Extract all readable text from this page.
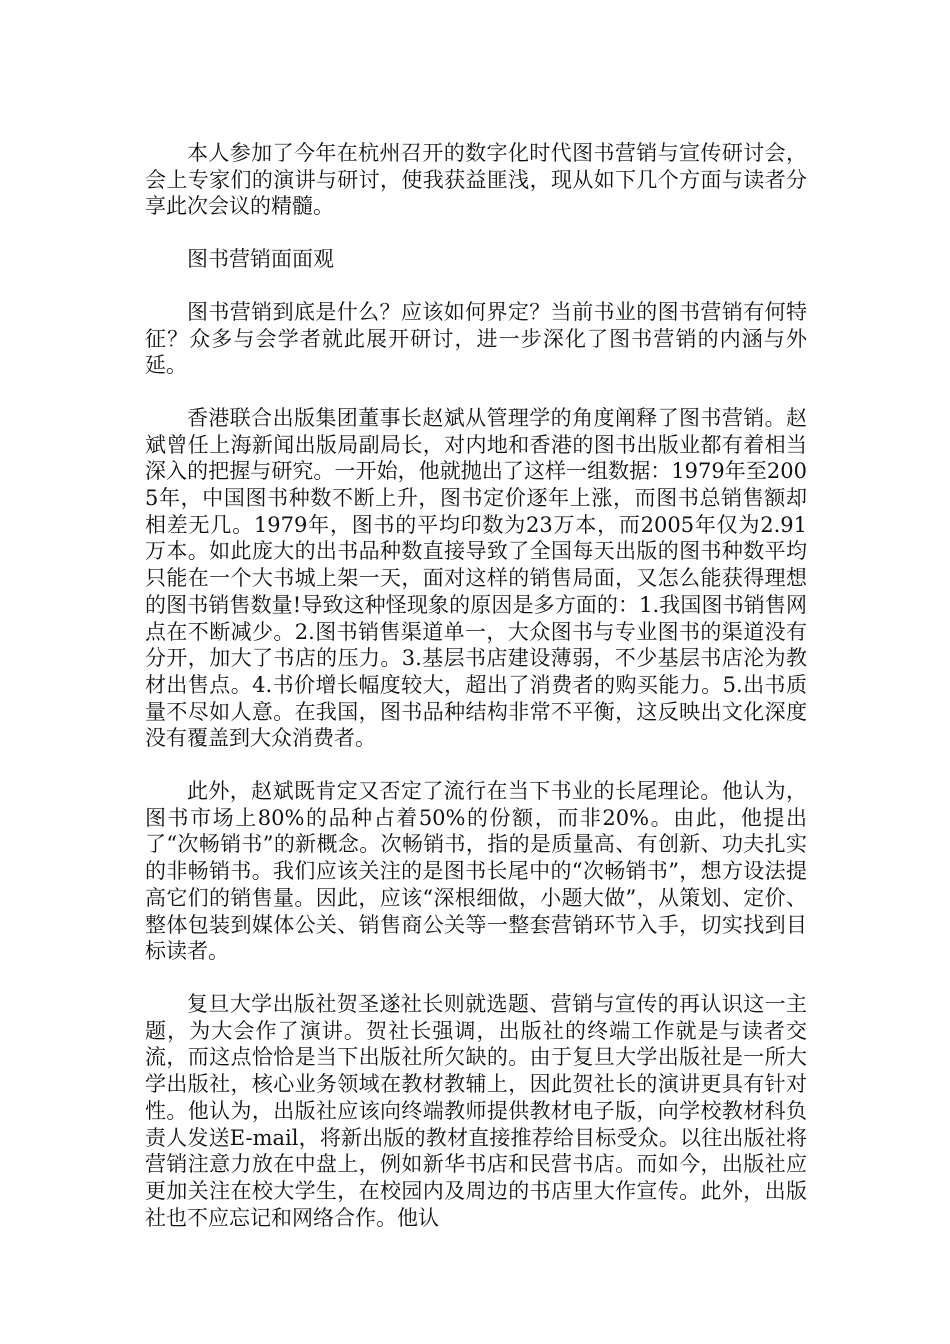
本人参加了今年在杭州召开的数字化时代图书营销与宣传研讨会，会上专家们的演讲与研讨，使我获益匪浅，现从如下几个方面与读者分享此次会议的精髓。

图书营销面面观

图书营销到底是什么？应该如何界定？当前书业的图书营销有何特征？众多与会学者就此展开研讨，进一步深化了图书营销的内涵与外延。

香港联合出版集团董事长赵斌从管理学的角度阐释了图书营销。赵斌曾任上海新闻出版局副局长，对内地和香港的图书出版业都有着相当深入的把握与研究。一开始，他就抛出了这样一组数据：1979年至2005年，中国图书种数不断上升，图书定价逐年上涨，而图书总销售额却相差无几。1979年，图书的平均印数为23万本，而2005年仅为2.91万本。如此庞大的出书品种数直接导致了全国每天出版的图书种数平均只能在一个大书城上架一天，面对这样的销售局面，又怎么能获得理想的图书销售数量!导致这种怪现象的原因是多方面的：1.我国图书销售网点在不断减少。2.图书销售渠道单一，大众图书与专业图书的渠道没有分开，加大了书店的压力。3.基层书店建设薄弱，不少基层书店沦为教材出售点。4.书价增长幅度较大，超出了消费者的购买能力。5.出书质量不尽如人意。在我国，图书品种结构非常不平衡，这反映出文化深度没有覆盖到大众消费者。

此外，赵斌既肯定又否定了流行在当下书业的长尾理论。他认为，图书市场上80%的品种占着50%的份额，而非20%。由此，他提出了“次畅销书”的新概念。次畅销书，指的是质量高、有创新、功夫扎实的非畅销书。我们应该关注的是图书长尾中的“次畅销书”，想方设法提高它们的销售量。因此，应该“深根细做，小题大做”，从策划、定价、整体包装到媒体公关、销售商公关等一整套营销环节入手，切实找到目标读者。

复旦大学出版社贺圣遂社长则就选题、营销与宣传的再认识这一主题，为大会作了演讲。贺社长强调，出版社的终端工作就是与读者交流，而这点恰恰是当下出版社所欠缺的。由于复旦大学出版社是一所大学出版社，核心业务领域在教材教辅上，因此贺社长的演讲更具有针对性。他认为，出版社应该向终端教师提供教材电子版，向学校教材科负责人发送E-mail，将新出版的教材直接推荐给目标受众。以往出版社将营销注意力放在中盘上，例如新华书店和民营书店。而如今，出版社应更加关注在校大学生，在校园内及周边的书店里大作宣传。此外，出版社也不应忘记和网络合作。他认
